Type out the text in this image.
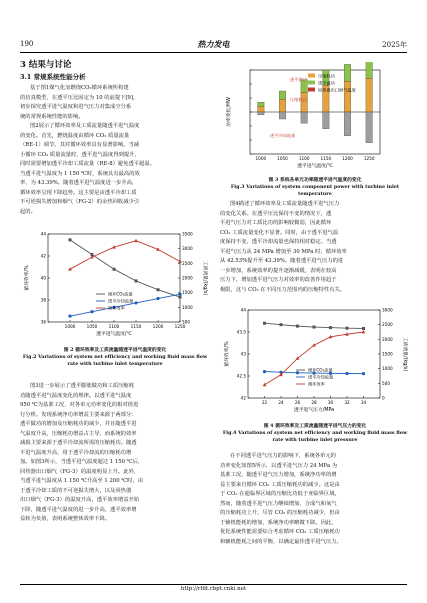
190	热力发电	2025年
3 结果与讨论
3.1 常规系统性能分析
基于图1煤气化氢燃烧CO₂循环系统所构建
的仿真模型，在透平压比固定为 10 的前提下[9]，
初步探究透平进气温度和进气压力对集成空分系
统的常规系统性能的影响。
图2展示了循环效率及工质流量随透平进气温度
的变化。首先，燃烧温度由循环 CO₂ 质量流量
（RE-1）调节，其对循环效率具有显著影响。当减
小循环 CO₂ 质量流量时，透平进气温度得到提升，
同时需要增加透平冷却工质流量（RE-8）避免透平超温。
当透平进气温度为 1 150 ℃时，系统具有最高的效
率，为 43.39%。随着透平进气温度进一步升高，
循环效率呈现下降趋势。这主要是由透平冷却工质
不可逆损失增加和烟气（FG-2）的余热回收减少引
起的。
36
38
40
42
44
500
1000
1500
2000
2500
3000
3500
1000	1050	1100	1150	1200	1250
透平进气温度/℃
循环效率/%	工质流量/(kg/s)
循环CO₂流量
透平冷却流量
循环效率
图 2 循环效率及工质流量随透平进气温度的变化
Fig.2 Variations of system net efficiency and working fluid mass flow rate with turbine inlet temperature
图3进一步展示了透平膨胀做功和工质压缩耗
功随透平进气温度变化的规律。以透平进气温度
950 ℃为基准工况，对各单元功率变化的相对值进
行分析。发现系统净功率增益主要来源于两部分：
透平做功的增加及压缩耗功的减少，并且随透平进
气温度升高，压缩耗功增益占主导。而系统的效率
减损主要来源于透平冷却流所需的压缩耗功。随透
平进气温度升高，用于透平冷却流的压缩耗功增
加。如图3所示，当透平进气温度超过 1 150 ℃后，
回热器出口烟气（FG-3）的温度明显上升。此外，
当透平进气温度从 1 150 ℃升高至 1 200 ℃时，由
于透平冷却工质的不可逆损失增大，以及回热器
出口烟气（FG-3）的温度升高，透平效率增益开始
下降，随透平进气温度的进一步升高，透平效率增
益转为负值，表明系统整体效率下降。
1000	1050	1100	1150	1200	1250
透平进气温度/℃
功率变化/MW
压缩耗功
透平做功
回热器出口烟气温度
透平冷却流量
压缩耗功
透平做功
图 3 系统各单元功率随透平进气温度的变化
Fig.3 Variations of system component power with turbine inlet temperature
图4描述了循环效率及工质流量随透平进气压力
的变化关系。在透平压比保持不变的情况下，透
平进气压力对工质比功的影响较微弱，因此循环
CO₂ 工质流量变化不显著。同时，由于透平进气温
度保持不变，透平冷却流量也保持相对稳定。当透
平进气压力从 24 MPa 增加至 30 MPa 时，循环效率
从 42.53%提升至 43.39%。随着透平进气压力的进
一步增加，系统效率的提升逐渐减缓，表明在较高
压力下，增加透平进气压力对效率的改善作用趋于
极限，这与 CO₂ 在不同压力范围内的压缩特性有关。
42
42.5
43
43.5
44
0
500
1000
1500
2000
2500
3000
22	24	26	28	30	32	34
透平进气压力/MPa
循环效率/%	工质流量/(kg/s)
循环CO₂流量
透平冷却流量
循环效率
图 4 循环效率及工质流量随透平进气压力的变化
Fig.4 Variations of system net efficiency and working fluid mass flow rate with turbine inlet pressure
在不同透平进气压力的影响下，系统各单元的
功率变化如图5所示，以透平进气压力 24 MPa 为
基准工况，随透平进气压力增加，系统净功率的增
益主要来自循环 CO₂ 工质压缩耗功的减少。这是由
于 CO₂ 在超临界区域的压缩比功低于亚临界区域，
然而，随着透平进气压力继续增加，合成气和氧气
的压缩耗功上升，尽管 CO₂ 的压缩耗功减少，但由
于辅机能耗的增加，系统净功率略微下降。因此，
优化系统性能需要综合考虑循环 CO₂ 工质压缩耗功
和辅机能耗之间的平衡，以确定最佳透平进气压力。
http://rlfd.cbpt.cnki.net
